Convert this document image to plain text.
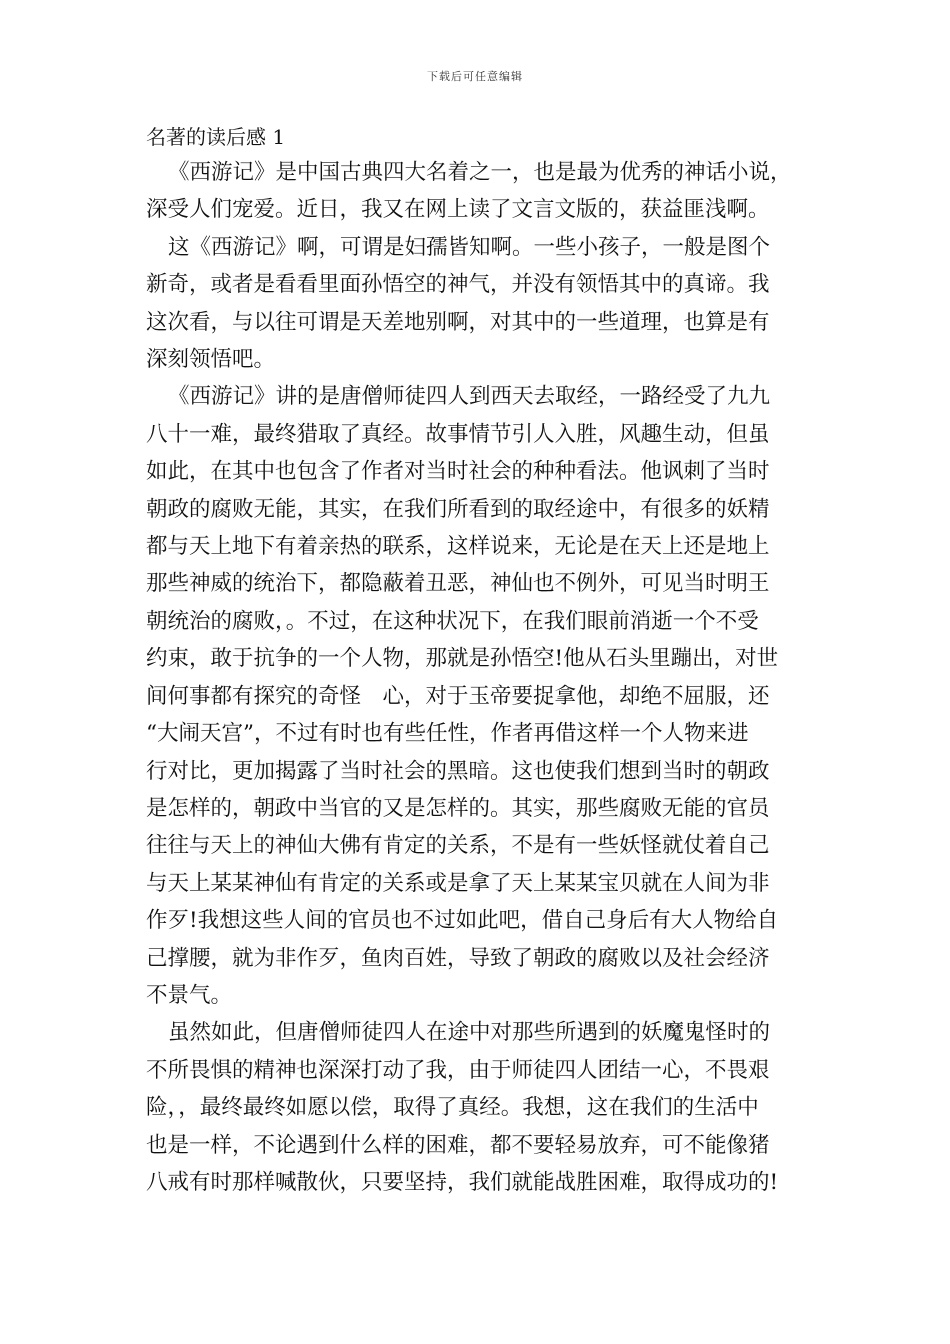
下载后可任意编辑
名著的读后感 1

《西游记》是中国古典四大名着之一，也是最为优秀的神话小说，
深受人们宠爱。近日，我又在网上读了文言文版的，获益匪浅啊。

这《西游记》啊，可谓是妇孺皆知啊。一些小孩子，一般是图个
新奇，或者是看看里面孙悟空的神气，并没有领悟其中的真谛。我
这次看，与以往可谓是天差地别啊，对其中的一些道理，也算是有
深刻领悟吧。

《西游记》讲的是唐僧师徒四人到西天去取经，一路经受了九九
八十一难，最终猎取了真经。故事情节引人入胜，风趣生动，但虽
如此，在其中也包含了作者对当时社会的种种看法。他讽刺了当时
朝政的腐败无能，其实，在我们所看到的取经途中，有很多的妖精
都与天上地下有着亲热的联系，这样说来，无论是在天上还是地上
那些神威的统治下，都隐蔽着丑恶，神仙也不例外，可见当时明王
朝统治的腐败，。不过，在这种状况下，在我们眼前消逝一个不受
约束，敢于抗争的一个人物，那就是孙悟空!他从石头里蹦出，对世
间何事都有探究的奇怪　心，对于玉帝要捉拿他，却绝不屈服，还
“大闹天宫”，不过有时也有些任性，作者再借这样一个人物来进
行对比，更加揭露了当时社会的黑暗。这也使我们想到当时的朝政
是怎样的，朝政中当官的又是怎样的。其实，那些腐败无能的官员
往往与天上的神仙大佛有肯定的关系，不是有一些妖怪就仗着自己
与天上某某神仙有肯定的关系或是拿了天上某某宝贝就在人间为非
作歹!我想这些人间的官员也不过如此吧，借自己身后有大人物给自
己撑腰，就为非作歹，鱼肉百姓，导致了朝政的腐败以及社会经济
不景气。

虽然如此，但唐僧师徒四人在途中对那些所遇到的妖魔鬼怪时的
不所畏惧的精神也深深打动了我，由于师徒四人团结一心，不畏艰
险，，最终最终如愿以偿，取得了真经。我想，这在我们的生活中
也是一样，不论遇到什么样的困难，都不要轻易放弃，可不能像猪
八戒有时那样喊散伙，只要坚持，我们就能战胜困难，取得成功的!
